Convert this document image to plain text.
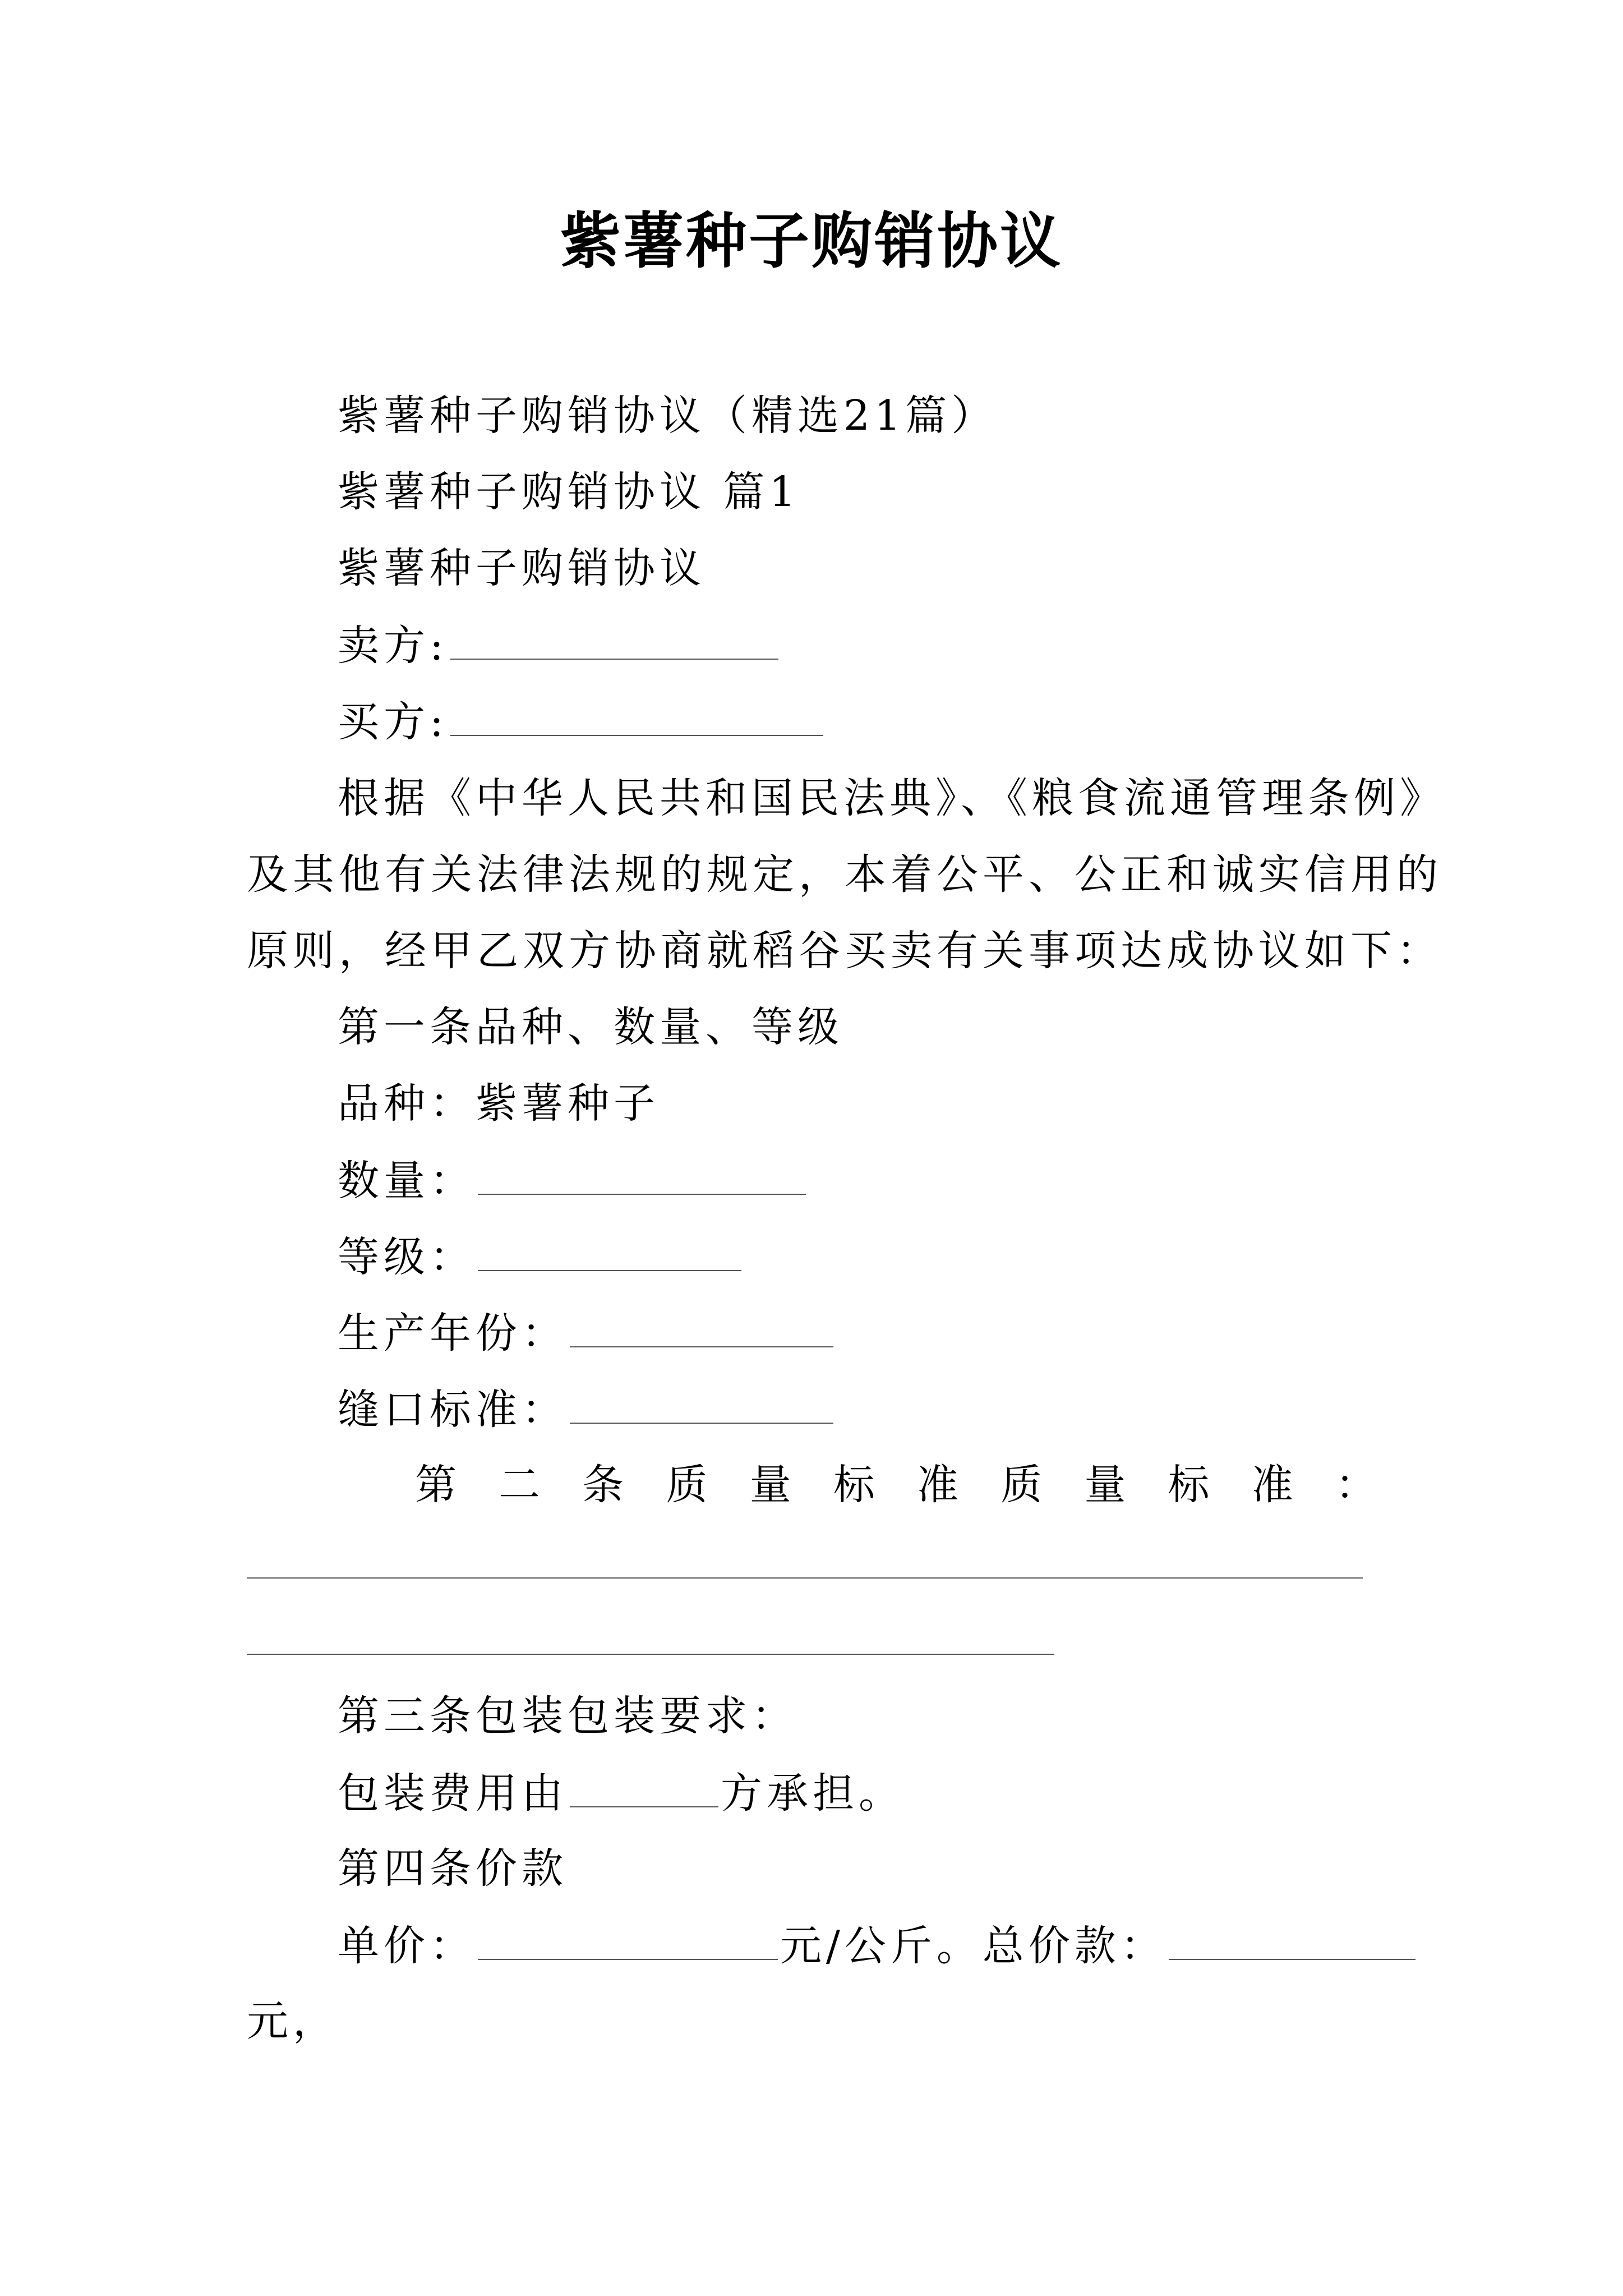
紫薯种子购销协议
紫薯种子购销协议（精选21篇）
紫薯种子购销协议 篇1
紫薯种子购销协议
卖方:
买方:
根据《中华人民共和国民法典》、《粮食流通管理条例》
及其他有关法律法规的规定，本着公平、公正和诚实信用的
原则，经甲乙双方协商就稻谷买卖有关事项达成协议如下：
第一条品种、数量、等级
品种：紫薯种子
数量：
等级：
生产年份：
缝口标准：
第 二 条 质 量 标 准 质 量 标 准 ：
第三条包装包装要求：
包装费用由	方承担。
第四条价款
单价：	元/公斤。总价款：
元，
